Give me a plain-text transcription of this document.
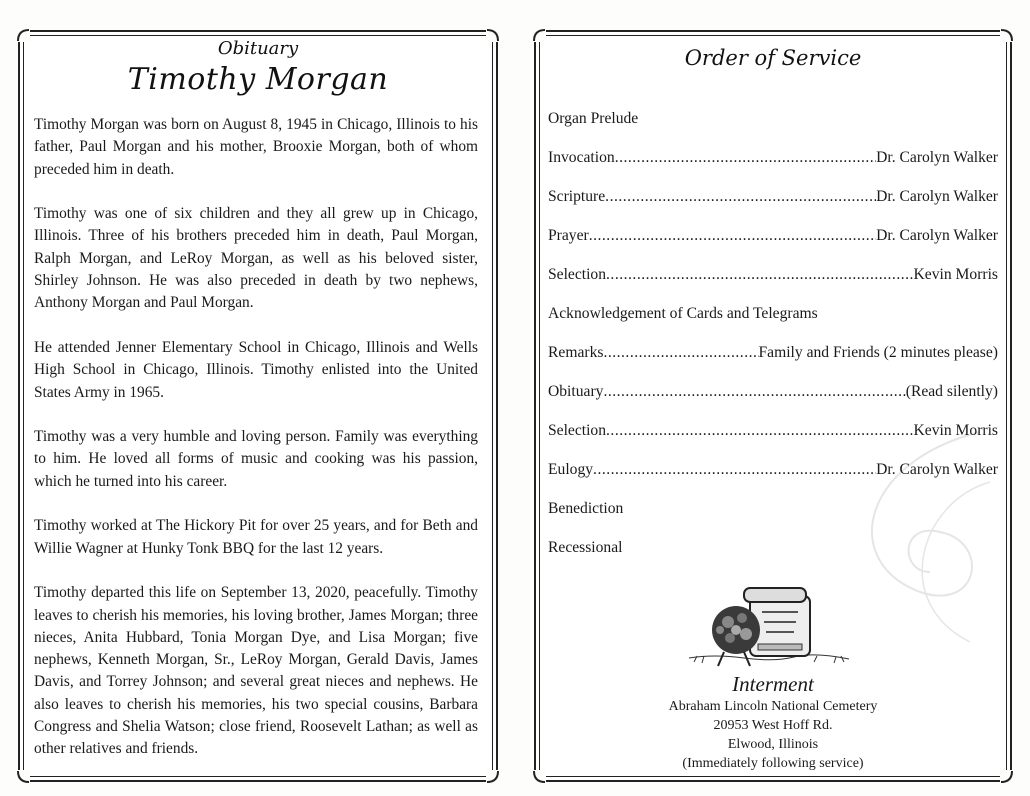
Obituary
Timothy Morgan

Timothy Morgan was born on August 8, 1945 in Chicago, Illinois to his father, Paul Morgan and his mother, Brooxie Morgan, both of whom preceded him in death.

Timothy was one of six children and they all grew up in Chicago, Illinois. Three of his brothers preceded him in death, Paul Morgan, Ralph Morgan, and LeRoy Morgan, as well as his beloved sister, Shirley Johnson. He was also preceded in death by two nephews, Anthony Morgan and Paul Morgan.

He attended Jenner Elementary School in Chicago, Illinois and Wells High School in Chicago, Illinois. Timothy enlisted into the United States Army in 1965.

Timothy was a very humble and loving person. Family was everything to him. He loved all forms of music and cooking was his passion, which he turned into his career.

Timothy worked at The Hickory Pit for over 25 years, and for Beth and Willie Wagner at Hunky Tonk BBQ for the last 12 years.

Timothy departed this life on September 13, 2020, peacefully. Timothy leaves to cherish his memories, his loving brother, James Morgan; three nieces, Anita Hubbard, Tonia Morgan Dye, and Lisa Morgan; five nephews, Kenneth Morgan, Sr., LeRoy Morgan, Gerald Davis, James Davis, and Torrey Johnson; and several great nieces and nephews. He also leaves to cherish his memories, his two special cousins, Barbara Congress and Shelia Watson; close friend, Roosevelt Lathan; as well as other relatives and friends.

Order of Service
Organ Prelude
Invocation .....	Dr. Carolyn Walker
Scripture .....	Dr. Carolyn Walker
Prayer .....	Dr. Carolyn Walker
Selection .....	Kevin Morris
Acknowledgement of Cards and Telegrams
Remarks .....	Family and Friends (2 minutes please)
Obituary .....	(Read silently)
Selection .....	Kevin Morris
Eulogy .....	Dr. Carolyn Walker
Benediction
Recessional
Interment
Abraham Lincoln National Cemetery
20953 West Hoff Rd.
Elwood, Illinois
(Immediately following service)
